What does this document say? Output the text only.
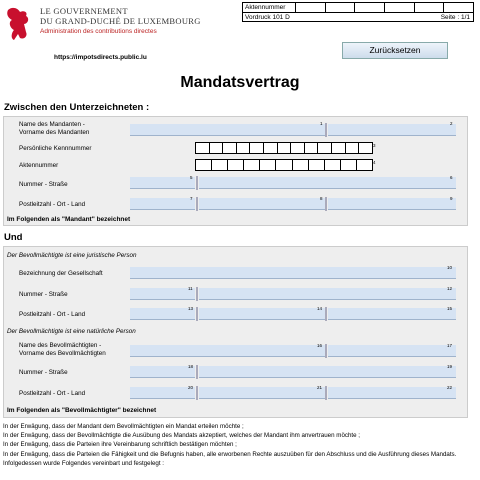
LE GOUVERNEMENT
DU GRAND-DUCHÉ DE LUXEMBOURG
Administration des contributions directes
https://impotsdirects.public.lu
Aktennummer
Vordruck 101 D	Seite : 1/1
Zurücksetzen
Mandatsvertrag
Zwischen den Unterzeichneten :
Name des Mandanten -
Vorname des Mandanten
1	2
Persönliche Kennnummer	3
Aktennummer	4
Nummer - Straße
5	6
Postleitzahl - Ort - Land
7	8	9
Im Folgenden als "Mandant" bezeichnet
Und
Der Bevollmächtigte ist eine juristische Person
Bezeichnung der Gesellschaft
10
Nummer - Straße
11	12
Postleitzahl - Ort - Land
13	14	15
Der Bevollmächtigte ist eine natürliche Person
Name des Bevollmächtigten -
Vorname des Bevollmächtigten
16	17
Nummer - Straße
18	19
Postleitzahl - Ort - Land
20	21	22
Im Folgenden als "Bevollmächtigter" bezeichnet
In der Erwägung, dass der Mandant dem Bevollmächtigten ein Mandat erteilen möchte ;
In der Erwägung, dass der Bevollmächtigte die Ausübung des Mandats akzeptiert, welches der Mandant ihm anvertrauen möchte ;
In der Erwägung, dass die Parteien ihre Vereinbarung schriftlich bestätigen möchten ;
In der Erwägung, dass die Parteien die Fähigkeit und die Befugnis haben, alle erworbenen Rechte auszuüben für den Abschluss und die Ausführung dieses Mandats.
Infolgedessen wurde Folgendes vereinbart und festgelegt :
